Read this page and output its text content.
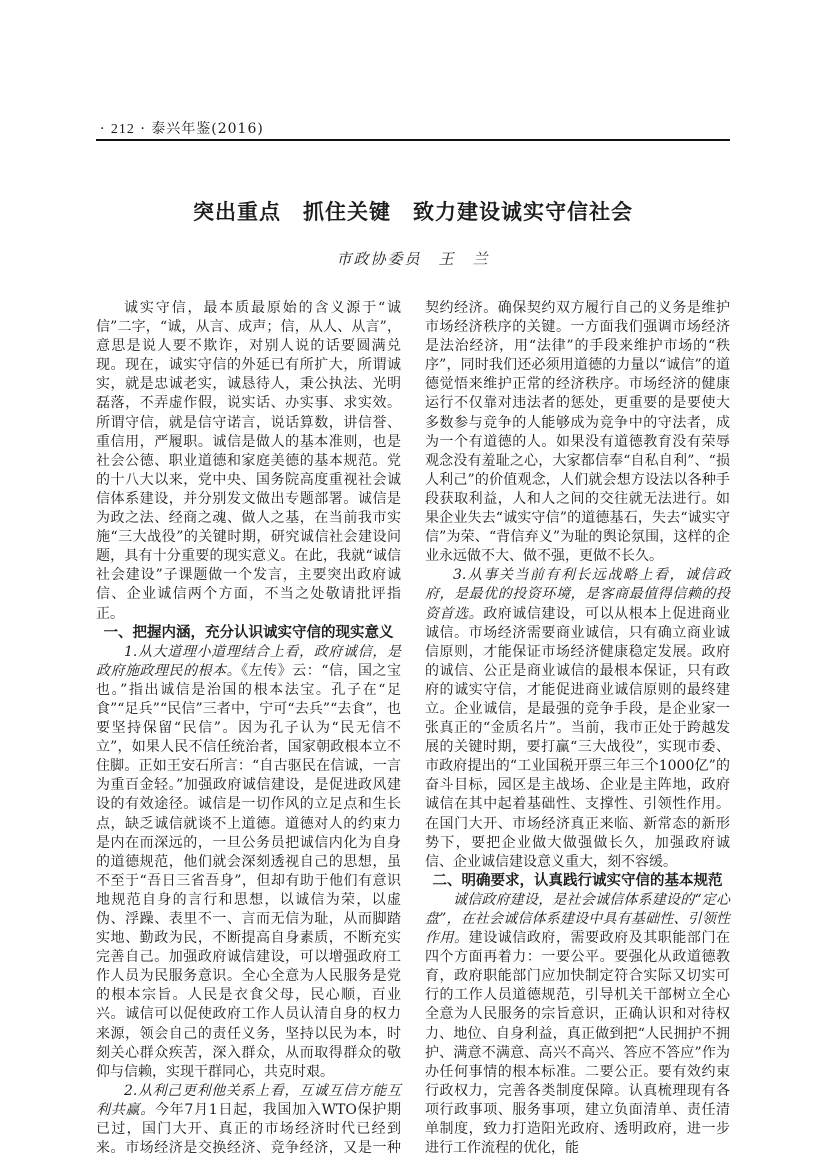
· 212 · 泰兴年鉴(2016)
突出重点　抓住关键　致力建设诚实守信社会
市政协委员　王　兰

诚实守信，最本质最原始的含义源于“诚信”二字，“诚，从言、成声；信，从人、从言”，意思是说人要不欺诈，对别人说的话要圆满兑现。现在，诚实守信的外延已有所扩大，所谓诚实，就是忠诚老实，诚恳待人，秉公执法、光明磊落，不弄虚作假，说实话、办实事、求实效。所谓守信，就是信守诺言，说话算数，讲信誉、重信用，严履职。诚信是做人的基本准则，也是社会公德、职业道德和家庭美德的基本规范。党的十八大以来，党中央、国务院高度重视社会诚信体系建设，并分别发文做出专题部署。诚信是为政之法、经商之魂、做人之基，在当前我市实施“三大战役”的关键时期，研究诚信社会建设问题，具有十分重要的现实意义。在此，我就“诚信社会建设”子课题做一个发言，主要突出政府诚信、企业诚信两个方面，不当之处敬请批评指正。

一、把握内涵，充分认识诚实守信的现实意义

1.从大道理小道理结合上看，政府诚信，是政府施政理民的根本。《左传》云：“信，国之宝也。”指出诚信是治国的根本法宝。孔子在“足食”“足兵”“民信”三者中，宁可“去兵”“去食”，也要坚持保留“民信”。因为孔子认为“民无信不立”，如果人民不信任统治者，国家朝政根本立不住脚。正如王安石所言：“自古驱民在信诚，一言为重百金轻。”加强政府诚信建设，是促进政风建设的有效途径。诚信是一切作风的立足点和生长点，缺乏诚信就谈不上道德。道德对人的约束力是内在而深远的，一旦公务员把诚信内化为自身的道德规范，他们就会深刻透视自己的思想，虽不至于“吾日三省吾身”，但却有助于他们有意识地规范自身的言行和思想，以诚信为荣，以虚伪、浮躁、表里不一、言而无信为耻，从而脚踏实地、勤政为民，不断提高自身素质，不断充实完善自己。加强政府诚信建设，可以增强政府工作人员为民服务意识。全心全意为人民服务是党的根本宗旨。人民是衣食父母，民心顺，百业兴。诚信可以促使政府工作人员认清自身的权力来源，领会自己的责任义务，坚持以民为本，时刻关心群众疾苦，深入群众，从而取得群众的敬仰与信赖，实现干群同心，共克时艰。

2.从利己更利他关系上看，互诚互信方能互利共赢。今年7月1日起，我国加入WTO保护期已过，国门大开、真正的市场经济时代已经到来。市场经济是交换经济、竞争经济，又是一种契约经济。确保契约双方履行自己的义务是维护市场经济秩序的关键。一方面我们强调市场经济是法治经济，用“法律”的手段来维护市场的“秩序”，同时我们还必须用道德的力量以“诚信”的道德觉悟来维护正常的经济秩序。市场经济的健康运行不仅靠对违法者的惩处，更重要的是要使大多数参与竞争的人能够成为竞争中的守法者，成为一个有道德的人。如果没有道德教育没有荣辱观念没有羞耻之心，大家都信奉“自私自利”、“损人利己”的价值观念，人们就会想方设法以各种手段获取利益，人和人之间的交往就无法进行。如果企业失去“诚实守信”的道德基石，失去“诚实守信”为荣、“背信弃义”为耻的舆论氛围，这样的企业永远做不大、做不强，更做不长久。

3.从事关当前有利长远战略上看，诚信政府，是最优的投资环境，是客商最值得信赖的投资首选。政府诚信建设，可以从根本上促进商业诚信。市场经济需要商业诚信，只有确立商业诚信原则，才能保证市场经济健康稳定发展。政府的诚信、公正是商业诚信的最根本保证，只有政府的诚实守信，才能促进商业诚信原则的最终建立。企业诚信，是最强的竞争手段，是企业家一张真正的“金质名片”。当前，我市正处于跨越发展的关键时期，要打赢“三大战役”，实现市委、市政府提出的“工业国税开票三年三个1000亿”的奋斗目标，园区是主战场、企业是主阵地，政府诚信在其中起着基础性、支撑性、引领性作用。在国门大开、市场经济真正来临、新常态的新形势下，要把企业做大做强做长久，加强政府诚信、企业诚信建设意义重大，刻不容缓。

二、明确要求，认真践行诚实守信的基本规范

诚信政府建设，是社会诚信体系建设的“定心盘”，在社会诚信体系建设中具有基础性、引领性作用。建设诚信政府，需要政府及其职能部门在四个方面再着力：一要公平。要强化从政道德教育，政府职能部门应加快制定符合实际又切实可行的工作人员道德规范，引导机关干部树立全心全意为人民服务的宗旨意识，正确认识和对待权力、地位、自身利益，真正做到把“人民拥护不拥护、满意不满意、高兴不高兴、答应不答应”作为办任何事情的根本标准。二要公正。要有效约束行政权力，完善各类制度保障。认真梳理现有各项行政事项、服务事项，建立负面清单、责任清单制度，致力打造阳光政府、透明政府，进一步进行工作流程的优化，能
